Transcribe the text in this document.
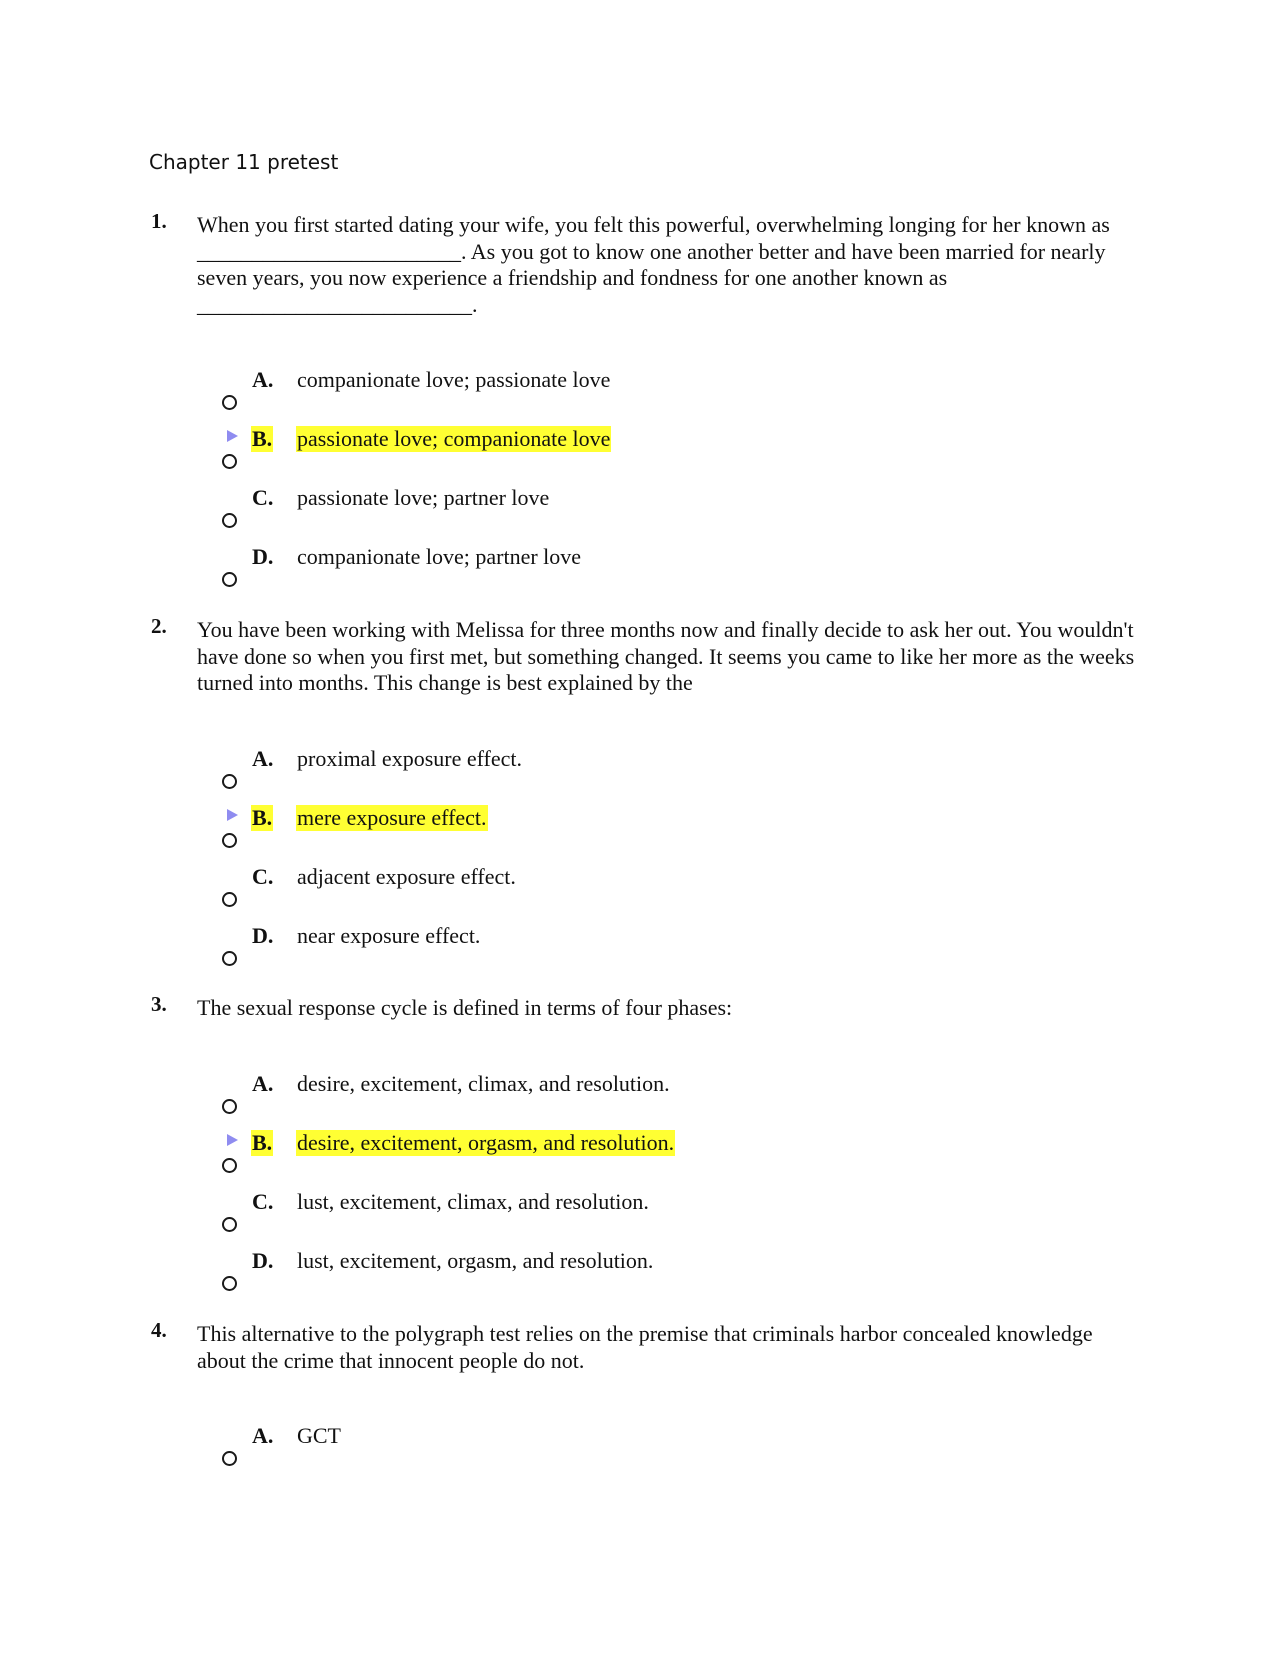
Chapter 11 pretest
1. When you first started dating your wife, you felt this powerful, overwhelming longing for her known as ________________________. As you got to know one another better and have been married for nearly seven years, you now experience a friendship and fondness for one another known as _________________________.
A. companionate love; passionate love
B. passionate love; companionate love
C. passionate love; partner love
D. companionate love; partner love
2. You have been working with Melissa for three months now and finally decide to ask her out. You wouldn't have done so when you first met, but something changed. It seems you came to like her more as the weeks turned into months. This change is best explained by the
A. proximal exposure effect.
B. mere exposure effect.
C. adjacent exposure effect.
D. near exposure effect.
3. The sexual response cycle is defined in terms of four phases:
A. desire, excitement, climax, and resolution.
B. desire, excitement, orgasm, and resolution.
C. lust, excitement, climax, and resolution.
D. lust, excitement, orgasm, and resolution.
4. This alternative to the polygraph test relies on the premise that criminals harbor concealed knowledge about the crime that innocent people do not.
A. GCT
